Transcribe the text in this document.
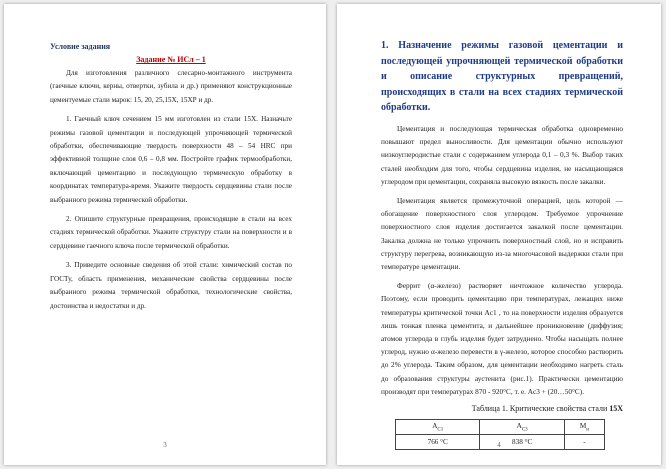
Условие задания
Задание № ИСл – 1

Для изготовления различного слесарно-монтажного инструмента (гаечные ключи, керны, отвертки, зубила и др.) применяют конструкционные цементуемые стали марок: 15, 20, 25,15Х, 15ХР и др.

1. Гаечный ключ сечением 15 мм изготовлен из стали 15Х. Назначьте режимы газовой цементации и последующей упрочняющей термической обработки, обеспечивающие твердость поверхности 48 – 54 HRC при эффективной толщине слоя 0,6 – 0,8 мм. Постройте график термообработки, включающий цементацию и последующую термическую обработку в координатах температура-время. Укажите твердость сердцевины стали после выбранного режима термической обработки.

2. Опишите структурные превращения, происходящие в стали на всех стадиях термической обработки. Укажите структуру стали на поверхности и в сердцевине гаечного ключа после термической обработки.

3. Приведите основные сведения об этой стали: химический состав по ГОСТу, область применения, механические свойства сердцевины после выбранного режима термической обработки, технологические свойства, достоинства и недостатки и др.

3
1. Назначение режимы газовой цементации и последующей упрочняющей термической обработки и описание структурных превращений, происходящих в стали на всех стадиях термической обработки.

Цементация и последующая термическая обработка одновременно повышают предел выносливости. Для цементации обычно используют низкоуглеродистые стали с содержанием углерода 0,1 – 0,3 %. Выбор таких сталей необходим для того, чтобы сердцевина изделия, не насыщающаяся углеродом при цементации, сохраняла высокую вязкость после закалки.

Цементация является промежуточной операцией, цель которой — обогащение поверхностного слоя углеродом. Требуемое упрочнение поверхностного слоя изделия достигается закалкой после цементации. Закалка должна не только упрочнить поверхностный слой, но и исправить структуру перегрева, возникающую из-за многочасовой выдержки стали при температуре цементации.

Феррит (α-железо) растворяет ничтожное количество углерода. Поэтому, если проводить цементацию при температурах, лежащих ниже температуры критической точки Ac1 , то на поверхности изделия образуется лишь тонкая пленка цементита, и дальнейшее проникновение (диффузия; атомов углерода в глубь изделия будет затруднено. Чтобы насыщать полнее углерод, нужно α-железо перевести в γ-железо, которое способно растворить до 2% углерода. Таким образом, для цементации необходимо нагреть сталь до образования структуры аустенита (рис.1). Практически цементацию производят при температурах 870 - 920°С, т. е. Ac3 + (20…50°С).

Таблица 1. Критические свойства стали 15Х
$A_{C1}$	$A_{C3}$	$M_н$
766 °C	838 °C	-
4
